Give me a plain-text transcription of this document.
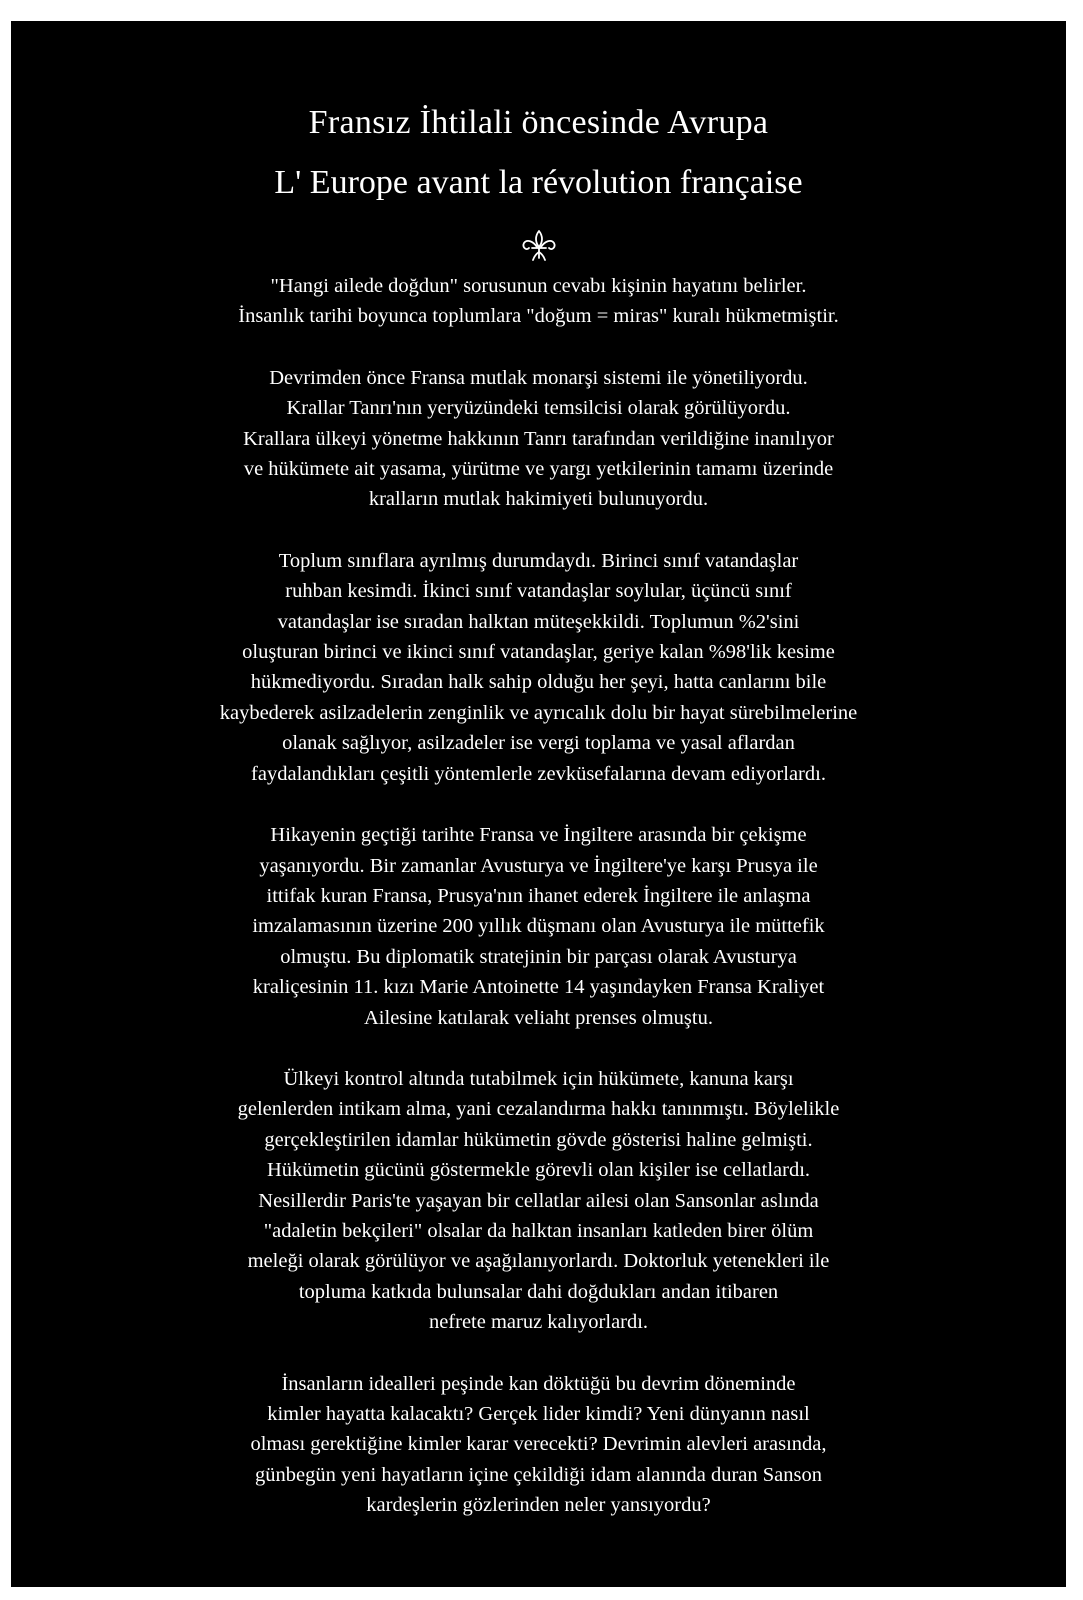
Fransız İhtilali öncesinde Avrupa
L' Europe avant la révolution française

"Hangi ailede doğdun" sorusunun cevabı kişinin hayatını belirler.
İnsanlık tarihi boyunca toplumlara "doğum = miras" kuralı hükmetmiştir.

Devrimden önce Fransa mutlak monarşi sistemi ile yönetiliyordu.
Krallar Tanrı'nın yeryüzündeki temsilcisi olarak görülüyordu.
Krallara ülkeyi yönetme hakkının Tanrı tarafından verildiğine inanılıyor
ve hükümete ait yasama, yürütme ve yargı yetkilerinin tamamı üzerinde
kralların mutlak hakimiyeti bulunuyordu.

Toplum sınıflara ayrılmış durumdaydı. Birinci sınıf vatandaşlar
ruhban kesimdi. İkinci sınıf vatandaşlar soylular, üçüncü sınıf
vatandaşlar ise sıradan halktan müteşekkildi. Toplumun %2'sini
oluşturan birinci ve ikinci sınıf vatandaşlar, geriye kalan %98'lik kesime
hükmediyordu. Sıradan halk sahip olduğu her şeyi, hatta canlarını bile
kaybederek asilzadelerin zenginlik ve ayrıcalık dolu bir hayat sürebilmelerine
olanak sağlıyor, asilzadeler ise vergi toplama ve yasal aflardan
faydalandıkları çeşitli yöntemlerle zevküsefalarına devam ediyorlardı.

Hikayenin geçtiği tarihte Fransa ve İngiltere arasında bir çekişme
yaşanıyordu. Bir zamanlar Avusturya ve İngiltere'ye karşı Prusya ile
ittifak kuran Fransa, Prusya'nın ihanet ederek İngiltere ile anlaşma
imzalamasının üzerine 200 yıllık düşmanı olan Avusturya ile müttefik
olmuştu. Bu diplomatik stratejinin bir parçası olarak Avusturya
kraliçesinin 11. kızı Marie Antoinette 14 yaşındayken Fransa Kraliyet
Ailesine katılarak veliaht prenses olmuştu.

Ülkeyi kontrol altında tutabilmek için hükümete, kanuna karşı
gelenlerden intikam alma, yani cezalandırma hakkı tanınmıştı. Böylelikle
gerçekleştirilen idamlar hükümetin gövde gösterisi haline gelmişti.
Hükümetin gücünü göstermekle görevli olan kişiler ise cellatlardı.
Nesillerdir Paris'te yaşayan bir cellatlar ailesi olan Sansonlar aslında
"adaletin bekçileri" olsalar da halktan insanları katleden birer ölüm
meleği olarak görülüyor ve aşağılanıyorlardı. Doktorluk yetenekleri ile
topluma katkıda bulunsalar dahi doğdukları andan itibaren
nefrete maruz kalıyorlardı.

İnsanların idealleri peşinde kan döktüğü bu devrim döneminde
kimler hayatta kalacaktı? Gerçek lider kimdi? Yeni dünyanın nasıl
olması gerektiğine kimler karar verecekti? Devrimin alevleri arasında,
günbegün yeni hayatların içine çekildiği idam alanında duran Sanson
kardeşlerin gözlerinden neler yansıyordu?
